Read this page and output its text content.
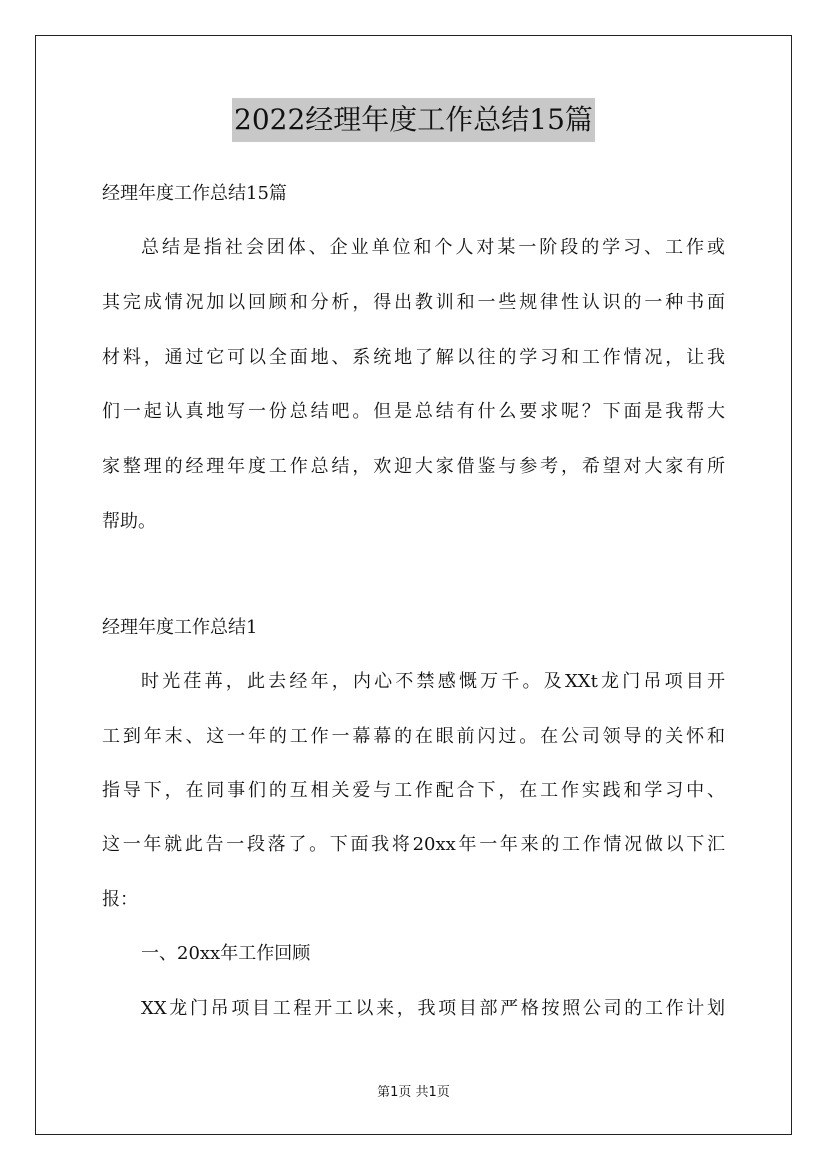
2022经理年度工作总结15篇
经理年度工作总结15篇
总结是指社会团体、企业单位和个人对某一阶段的学习、工作或
其完成情况加以回顾和分析，得出教训和一些规律性认识的一种书面
材料，通过它可以全面地、系统地了解以往的学习和工作情况，让我
们一起认真地写一份总结吧。但是总结有什么要求呢？下面是我帮大
家整理的经理年度工作总结，欢迎大家借鉴与参考，希望对大家有所
帮助。
经理年度工作总结1
时光荏苒，此去经年，内心不禁感慨万千。及XXt龙门吊项目开
工到年末、这一年的工作一幕幕的在眼前闪过。在公司领导的关怀和
指导下，在同事们的互相关爱与工作配合下，在工作实践和学习中、
这一年就此告一段落了。下面我将20xx年一年来的工作情况做以下汇
报：
一、20xx年工作回顾
XX龙门吊项目工程开工以来，我项目部严格按照公司的工作计划
第1页 共1页
